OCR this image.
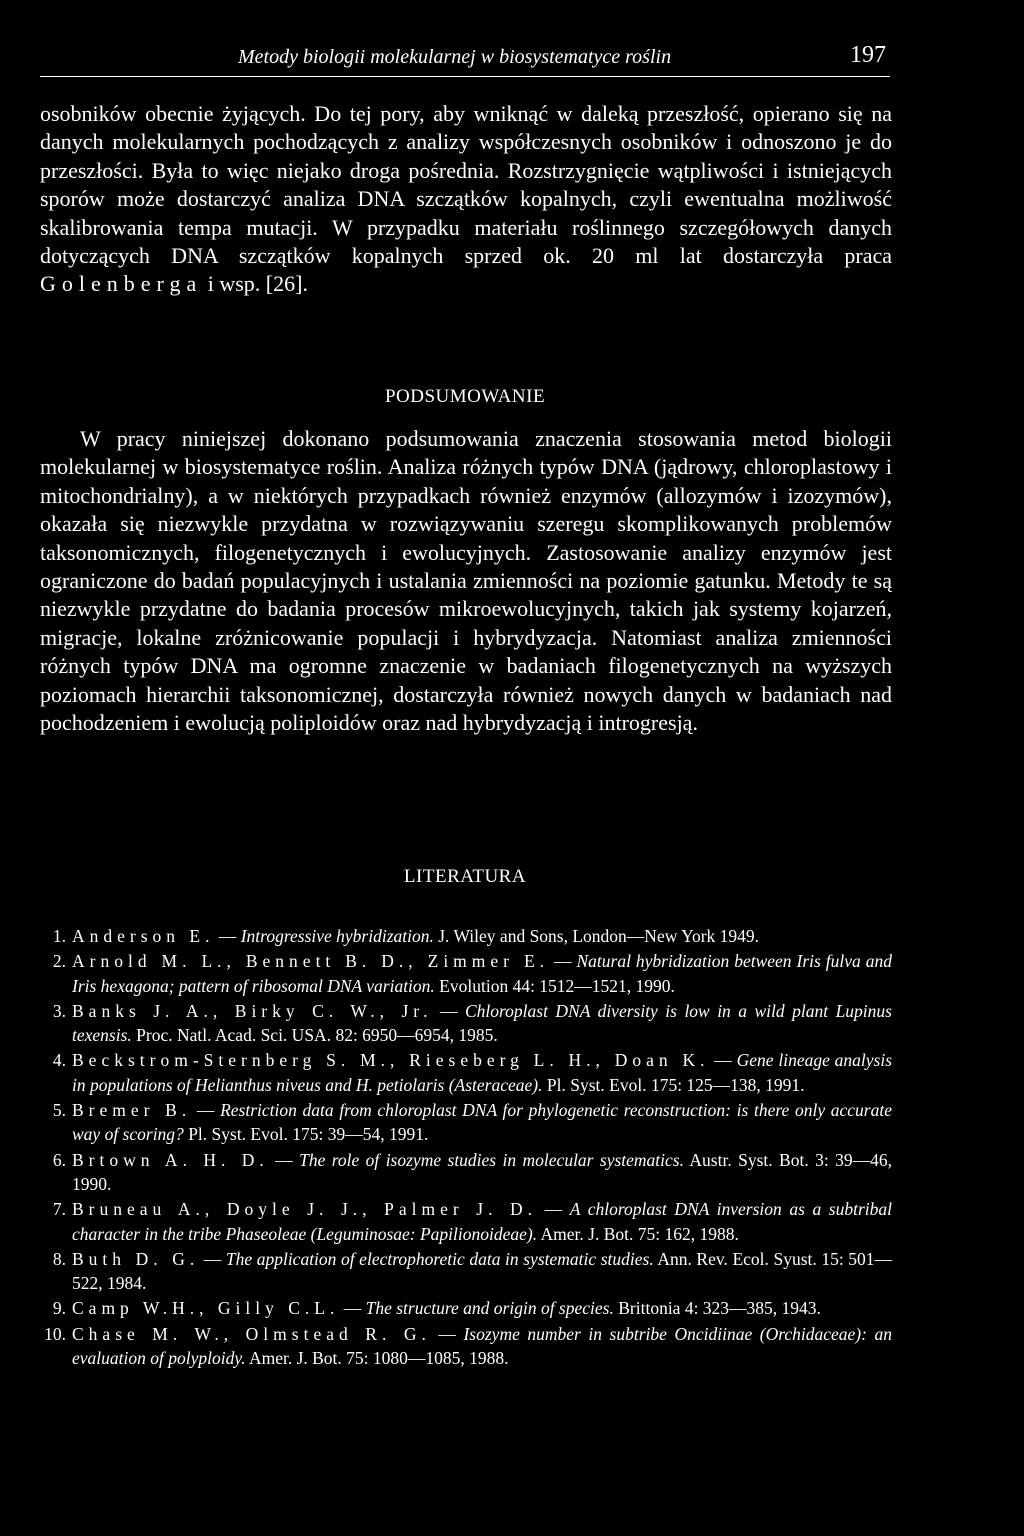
Metody biologii molekularnej w biosystematyce roślin	197

osobników obecnie żyjących. Do tej pory, aby wniknąć w daleką przeszłość, opierano się na danych molekularnych pochodzących z analizy współczesnych osobników i odnoszono je do przeszłości. Była to więc niejako droga pośrednia. Rozstrzygnięcie wątpliwości i istniejących sporów może dostarczyć analiza DNA szczątków kopalnych, czyli ewentualna możliwość skalibrowania tempa mutacji. W przypadku materiału roślinnego szczegółowych danych dotyczących DNA szczątków kopalnych sprzed ok. 20 ml lat dostarczyła praca Golenberga i wsp. [26].

PODSUMOWANIE

W pracy niniejszej dokonano podsumowania znaczenia stosowania metod biologii molekularnej w biosystematyce roślin. Analiza różnych typów DNA (jądrowy, chloroplastowy i mitochondrialny), a w niektórych przypadkach również enzymów (allozymów i izozymów), okazała się niezwykle przydatna w rozwiązywaniu szeregu skomplikowanych problemów taksonomicznych, filogenetycznych i ewolucyjnych. Zastosowanie analizy enzymów jest ograniczone do badań populacyjnych i ustalania zmienności na poziomie gatunku. Metody te są niezwykle przydatne do badania procesów mikroewolucyjnych, takich jak systemy kojarzeń, migracje, lokalne zróżnicowanie populacji i hybrydyzacja. Natomiast analiza zmienności różnych typów DNA ma ogromne znaczenie w badaniach filogenetycznych na wyższych poziomach hierarchii taksonomicznej, dostarczyła również nowych danych w badaniach nad pochodzeniem i ewolucją poliploidów oraz nad hybrydyzacją i introgresją.

LITERATURA
1. Anderson E. — Introgressive hybridization. J. Wiley and Sons, London—New York 1949.
2. Arnold M. L., Bennett B. D., Zimmer E. — Natural hybridization between Iris fulva and Iris hexagona; pattern of ribosomal DNA variation. Evolution 44: 1512—1521, 1990.
3. Banks J. A., Birky C. W., Jr. — Chloroplast DNA diversity is low in a wild plant Lupinus texensis. Proc. Natl. Acad. Sci. USA. 82: 6950—6954, 1985.
4. Beckstrom-Sternberg S. M., Rieseberg L. H., Doan K. — Gene lineage analysis in populations of Helianthus niveus and H. petiolaris (Asteraceae). Pl. Syst. Evol. 175: 125—138, 1991.
5. Bremer B. — Restriction data from chloroplast DNA for phylogenetic reconstruction: is there only accurate way of scoring? Pl. Syst. Evol. 175: 39—54, 1991.
6. Brtown A. H. D. — The role of isozyme studies in molecular systematics. Austr. Syst. Bot. 3: 39—46, 1990.
7. Bruneau A., Doyle J. J., Palmer J. D. — A chloroplast DNA inversion as a subtribal character in the tribe Phaseoleae (Leguminosae: Papilionoideae). Amer. J. Bot. 75: 162, 1988.
8. Buth D. G. — The application of electrophoretic data in systematic studies. Ann. Rev. Ecol. Syust. 15: 501—522, 1984.
9. Camp W.H., Gilly C.L. — The structure and origin of species. Brittonia 4: 323—385, 1943.
10. Chase M. W., Olmstead R. G. — Isozyme number in subtribe Oncidiinae (Orchidaceae): an evaluation of polyploidy. Amer. J. Bot. 75: 1080—1085, 1988.
